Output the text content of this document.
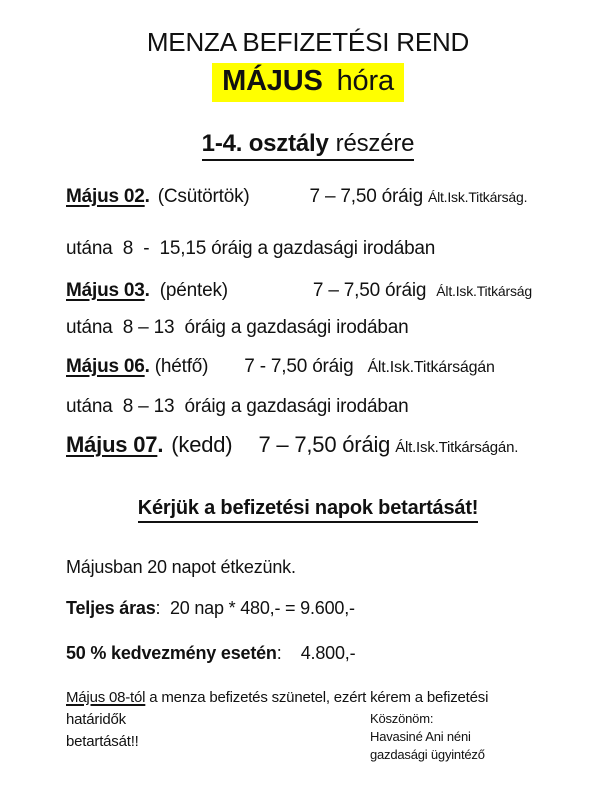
MENZA BEFIZETÉSI REND
MÁJUS hóra
1-4. osztály részére
Május 02. (Csütörtök)	7 – 7,50 óráig Ált.Isk.Titkárság.
utána  8  -  15,15 óráig a gazdasági irodában
Május 03. (péntek)	7 – 7,50 óráig Ált.Isk.Titkárság
utána  8 – 13  óráig a gazdasági irodában
Május 06. (hétfő) 7 - 7,50 óráig Ált.Isk.Titkárságán
utána  8 – 13  óráig a gazdasági irodában
Május 07. (kedd) 7 – 7,50 óráig Ált.Isk.Titkárságán.
Kérjük a befizetési napok betartását!
Májusban 20 napot étkezünk.
Teljes áras:  20 nap * 480,- = 9.600,-
50 % kedvezmény esetén:    4.800,-
Május 08-tól a menza befizetés szünetel, ezért kérem a befizetési határidők
betartását!!
Köszönöm:
Havasiné Ani néni
gazdasági ügyintéző
